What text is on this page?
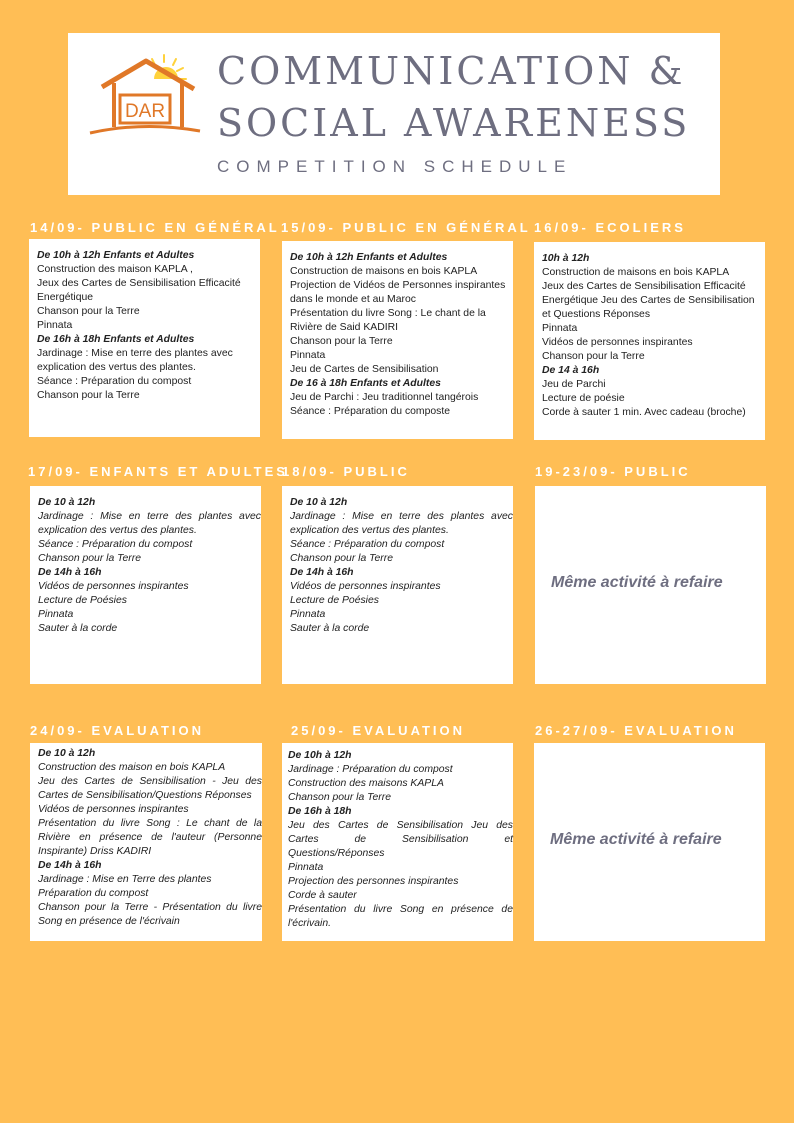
DAR
COMMUNICATION &
SOCIAL AWARENESS
COMPETITION SCHEDULE
14/09- PUBLIC EN GÉNÉRAL
De 10h à 12h Enfants et Adultes
Construction des maison KAPLA ,
Jeux des Cartes de Sensibilisation Efficacité Energétique
Chanson pour la Terre
Pinnata
De 16h à 18h Enfants et Adultes
Jardinage : Mise en terre des plantes avec explication des vertus des plantes.
Séance : Préparation du compost
Chanson pour la Terre
15/09- PUBLIC EN GÉNÉRAL
De 10h à 12h Enfants et Adultes
Construction de maisons en bois KAPLA
Projection de Vidéos de Personnes inspirantes dans le monde et au Maroc
Présentation du livre Song : Le chant de la Rivière de Said KADIRI
Chanson pour la Terre
Pinnata
Jeu de Cartes de Sensibilisation
De 16 à 18h Enfants et Adultes
Jeu de Parchi : Jeu traditionnel tangérois
Séance : Préparation du composte
16/09- ECOLIERS
10h à 12h
Construction de maisons en bois KAPLA
Jeux des Cartes de Sensibilisation Efficacité Energétique Jeu des Cartes de Sensibilisation et Questions Réponses
Pinnata
Vidéos de personnes inspirantes
Chanson pour la Terre
De 14 à 16h
Jeu de Parchi
Lecture de poésie
Corde à sauter 1 min. Avec cadeau (broche)
17/09- ENFANTS ET ADULTES
De 10 à 12h
Jardinage : Mise en terre des plantes avec explication des vertus des plantes.
Séance : Préparation du compost
Chanson pour la Terre
De 14h à 16h
Vidéos de personnes inspirantes
Lecture de Poésies
Pinnata
Sauter à la corde
18/09- PUBLIC
De 10 à 12h
Jardinage : Mise en terre des plantes avec explication des vertus des plantes.
Séance : Préparation du compost
Chanson pour la Terre
De 14h à 16h
Vidéos de personnes inspirantes
Lecture de Poésies
Pinnata
Sauter à la corde
19-23/09- PUBLIC
Même activité à refaire
24/09- EVALUATION
De 10 à 12h
Construction des maison en bois KAPLA
Jeu des Cartes de Sensibilisation - Jeu des Cartes de Sensibilisation/Questions Réponses
Vidéos de personnes inspirantes
Présentation du livre Song : Le chant de la Rivière en présence de l'auteur (Personne Inspirante) Driss KADIRI
De 14h à 16h
Jardinage : Mise en Terre des plantes
Préparation du compost
Chanson pour la Terre - Présentation du livre Song en présence de l'écrivain
25/09- EVALUATION
De 10h à 12h
Jardinage : Préparation du compost
Construction des maisons KAPLA
Chanson pour la Terre
De 16h à 18h
Jeu des Cartes de Sensibilisation Jeu des Cartes de Sensibilisation et Questions/Réponses
Pinnata
Projection des personnes inspirantes
Corde à sauter
Présentation du livre Song en présence de l'écrivain.
26-27/09- EVALUATION
Même activité à refaire
